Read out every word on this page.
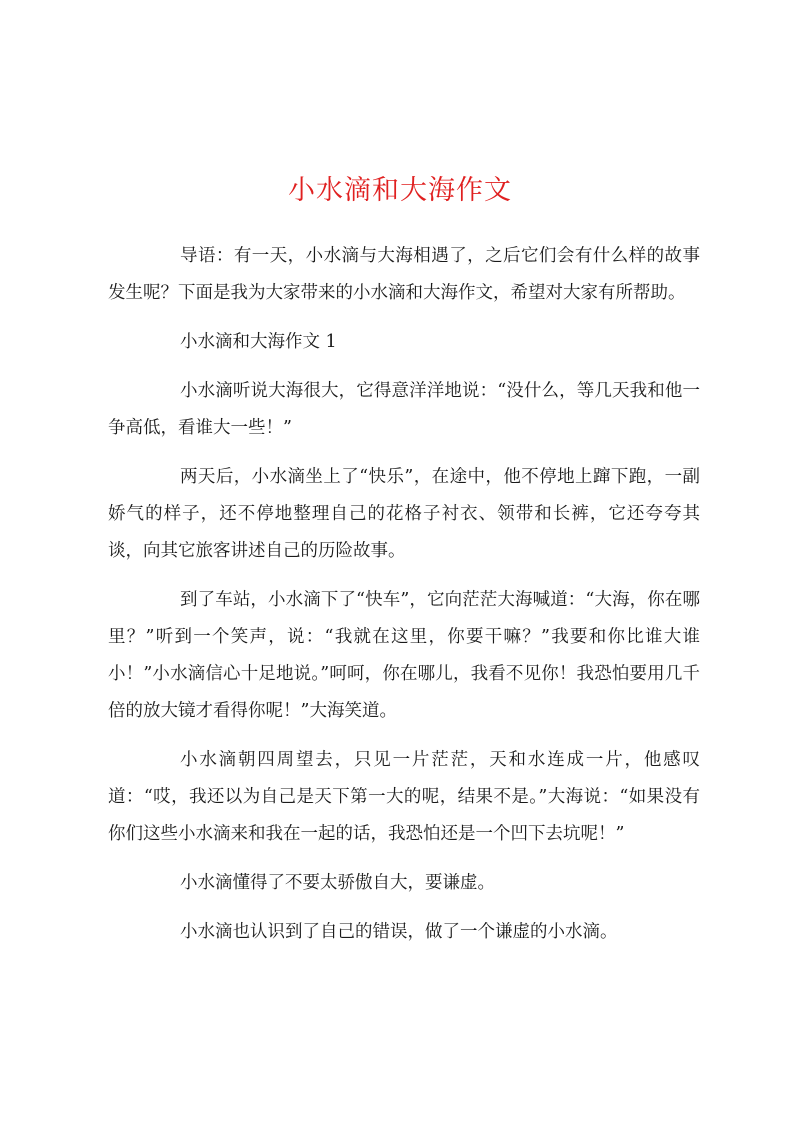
小水滴和大海作文

导语：有一天，小水滴与大海相遇了，之后它们会有什么样的故事发生呢？下面是我为大家带来的小水滴和大海作文，希望对大家有所帮助。

小水滴和大海作文 1

小水滴听说大海很大，它得意洋洋地说：“没什么，等几天我和他一争高低，看谁大一些！”

两天后，小水滴坐上了“快乐”，在途中，他不停地上蹿下跑，一副娇气的样子，还不停地整理自己的花格子衬衣、领带和长裤，它还夸夸其谈，向其它旅客讲述自己的历险故事。

到了车站，小水滴下了“快车”，它向茫茫大海喊道：“大海，你在哪里？”听到一个笑声，说：“我就在这里，你要干嘛？”我要和你比谁大谁小！”小水滴信心十足地说。”呵呵，你在哪儿，我看不见你！我恐怕要用几千倍的放大镜才看得你呢！”大海笑道。

小水滴朝四周望去，只见一片茫茫，天和水连成一片，他感叹道：“哎，我还以为自己是天下第一大的呢，结果不是。”大海说：“如果没有你们这些小水滴来和我在一起的话，我恐怕还是一个凹下去坑呢！”

小水滴懂得了不要太骄傲自大，要谦虚。

小水滴也认识到了自己的错误，做了一个谦虚的小水滴。
